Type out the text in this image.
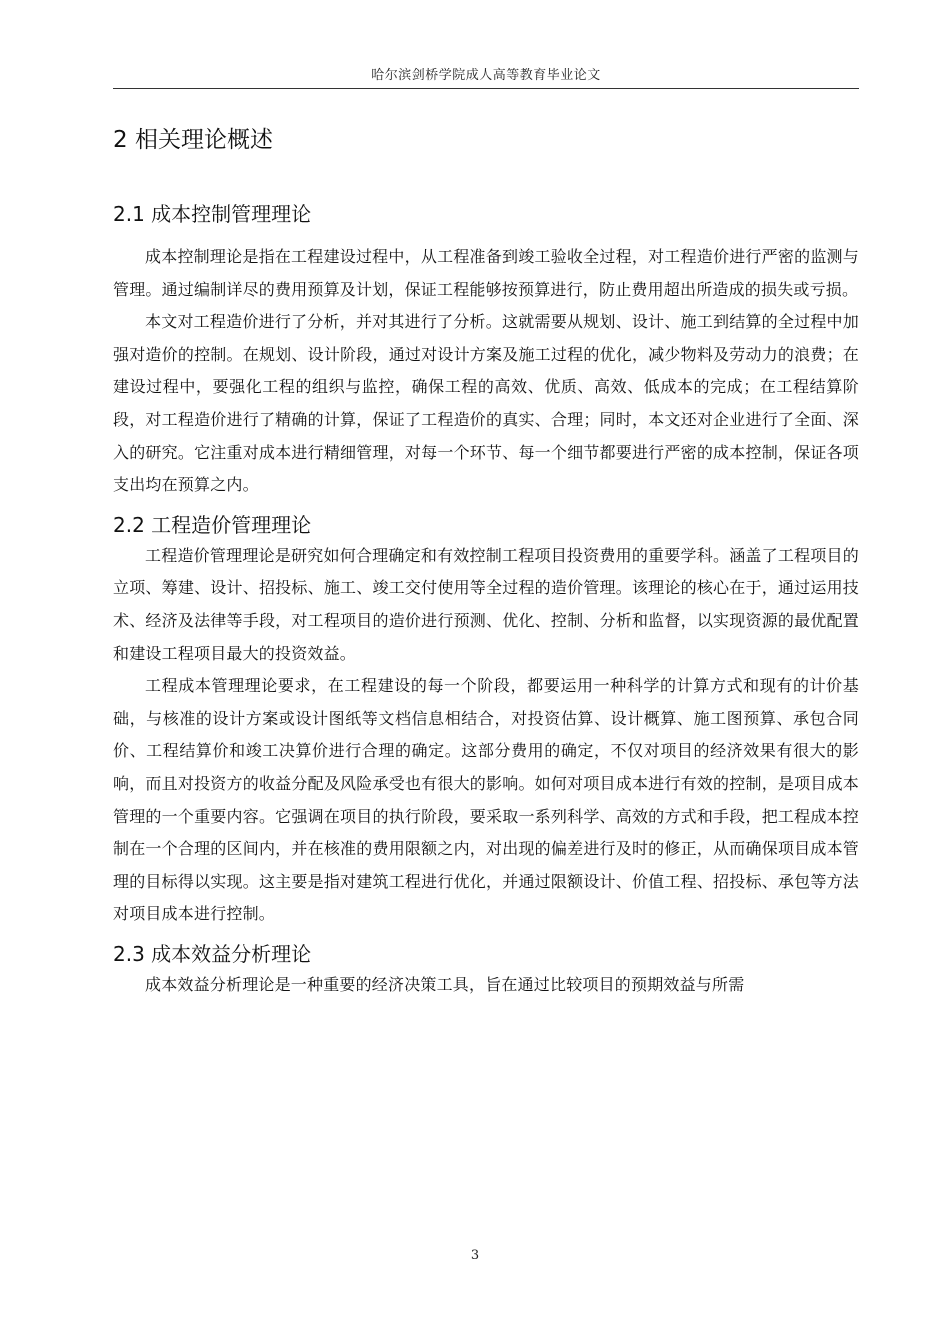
哈尔滨剑桥学院成人高等教育毕业论文
2 相关理论概述
2.1 成本控制管理理论

成本控制理论是指在工程建设过程中，从工程准备到竣工验收全过程，对工程造价进行严密的监测与管理。通过编制详尽的费用预算及计划，保证工程能够按预算进行，防止费用超出所造成的损失或亏损。

本文对工程造价进行了分析，并对其进行了分析。这就需要从规划、设计、施工到结算的全过程中加强对造价的控制。在规划、设计阶段，通过对设计方案及施工过程的优化，减少物料及劳动力的浪费；在建设过程中，要强化工程的组织与监控，确保工程的高效、优质、高效、低成本的完成；在工程结算阶段，对工程造价进行了精确的计算，保证了工程造价的真实、合理；同时，本文还对企业进行了全面、深入的研究。它注重对成本进行精细管理，对每一个环节、每一个细节都要进行严密的成本控制，保证各项支出均在预算之内。

2.2 工程造价管理理论

工程造价管理理论是研究如何合理确定和有效控制工程项目投资费用的重要学科。涵盖了工程项目的立项、筹建、设计、招投标、施工、竣工交付使用等全过程的造价管理。该理论的核心在于，通过运用技术、经济及法律等手段，对工程项目的造价进行预测、优化、控制、分析和监督，以实现资源的最优配置和建设工程项目最大的投资效益。

工程成本管理理论要求，在工程建设的每一个阶段，都要运用一种科学的计算方式和现有的计价基础，与核准的设计方案或设计图纸等文档信息相结合，对投资估算、设计概算、施工图预算、承包合同价、工程结算价和竣工决算价进行合理的确定。这部分费用的确定，不仅对项目的经济效果有很大的影响，而且对投资方的收益分配及风险承受也有很大的影响。如何对项目成本进行有效的控制，是项目成本管理的一个重要内容。它强调在项目的执行阶段，要采取一系列科学、高效的方式和手段，把工程成本控制在一个合理的区间内，并在核准的费用限额之内，对出现的偏差进行及时的修正，从而确保项目成本管理的目标得以实现。这主要是指对建筑工程进行优化，并通过限额设计、价值工程、招投标、承包等方法对项目成本进行控制。

2.3 成本效益分析理论

成本效益分析理论是一种重要的经济决策工具，旨在通过比较项目的预期效益与所需

3
